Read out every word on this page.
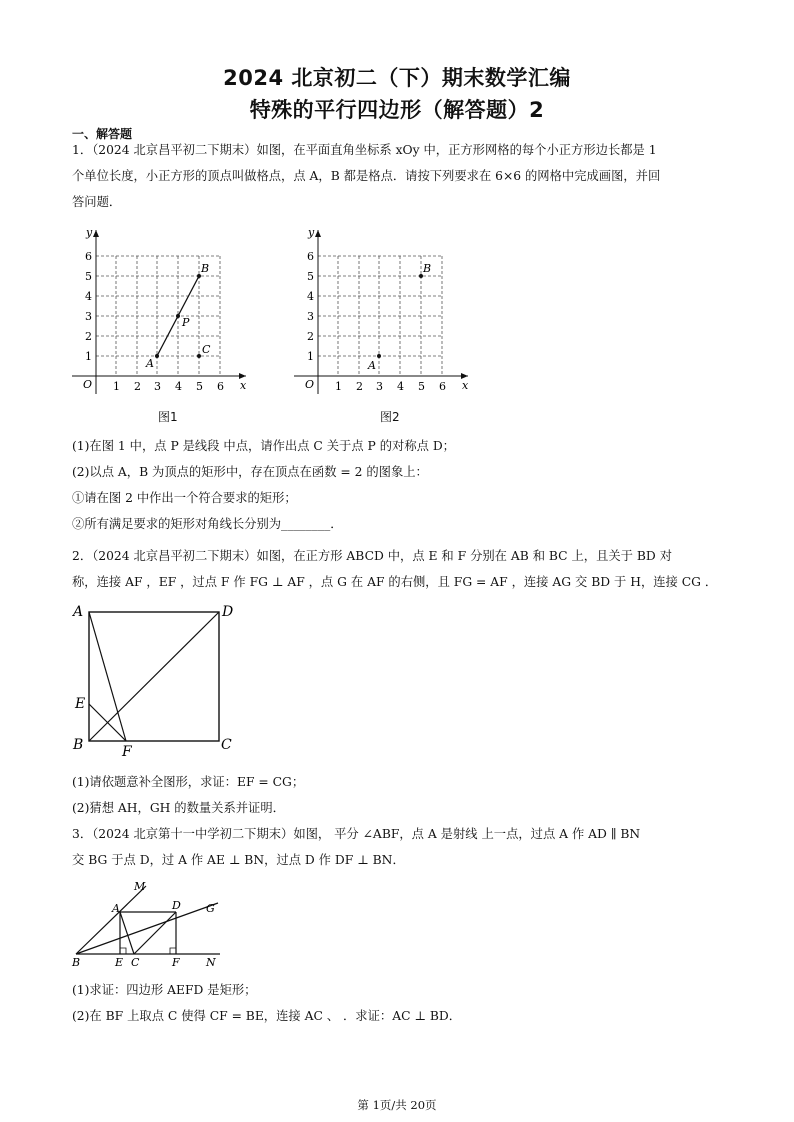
2024 北京初二（下）期末数学汇编
特殊的平行四边形（解答题）2
一、解答题
1．（2024 北京昌平初二下期末）如图，在平面直角坐标系 xOy 中，正方形网格的每个小正方形边长都是 1
个单位长度，小正方形的顶点叫做格点，点 A，B 都是格点．请按下列要求在 6×6 的网格中完成画图，并回
答问题．
y
x
O 1 2 3 4 5 6
1
2
3
4
5
6
A
B
P
C
y
x
O 1 2 3 4 5 6
1
2
3
4
5
6
A
B
图1	图2
(1)在图 1 中，点 P 是线段 中点，请作出点 C 关于点 P 的对称点 D；
(2)以点 A，B 为顶点的矩形中，存在顶点在函数 = 2 的图象上：
①请在图 2 中作出一个符合要求的矩形；
②所有满足要求的矩形对角线长分别为________．
2．（2024 北京昌平初二下期末）如图，在正方形 ABCD 中，点 E 和 F 分别在 AB 和 BC 上，且关于 BD 对
称，连接 AF ，EF ，过点 F 作 FG ⊥ AF ，点 G 在 AF 的右侧，且 FG = AF ，连接 AG 交 BD 于 H，连接 CG ．
A	D
E
B	F	C
(1)请依题意补全图形，求证：EF = CG；
(2)猜想 AH，GH 的数量关系并证明．
3．（2024 北京第十一中学初二下期末）如图， 平分 ∠ABF，点 A 是射线 上一点，过点 A 作 AD ∥ BN
交 BG 于点 D，过 A 作 AE ⊥ BN，过点 D 作 DF ⊥ BN．
M
A	D G
B	E C	F N
(1)求证：四边形 AEFD 是矩形；
(2)在 BF 上取点 C 使得 CF = BE，连接 AC 、 ．求证：AC ⊥ BD．
第 1页/共 20页
